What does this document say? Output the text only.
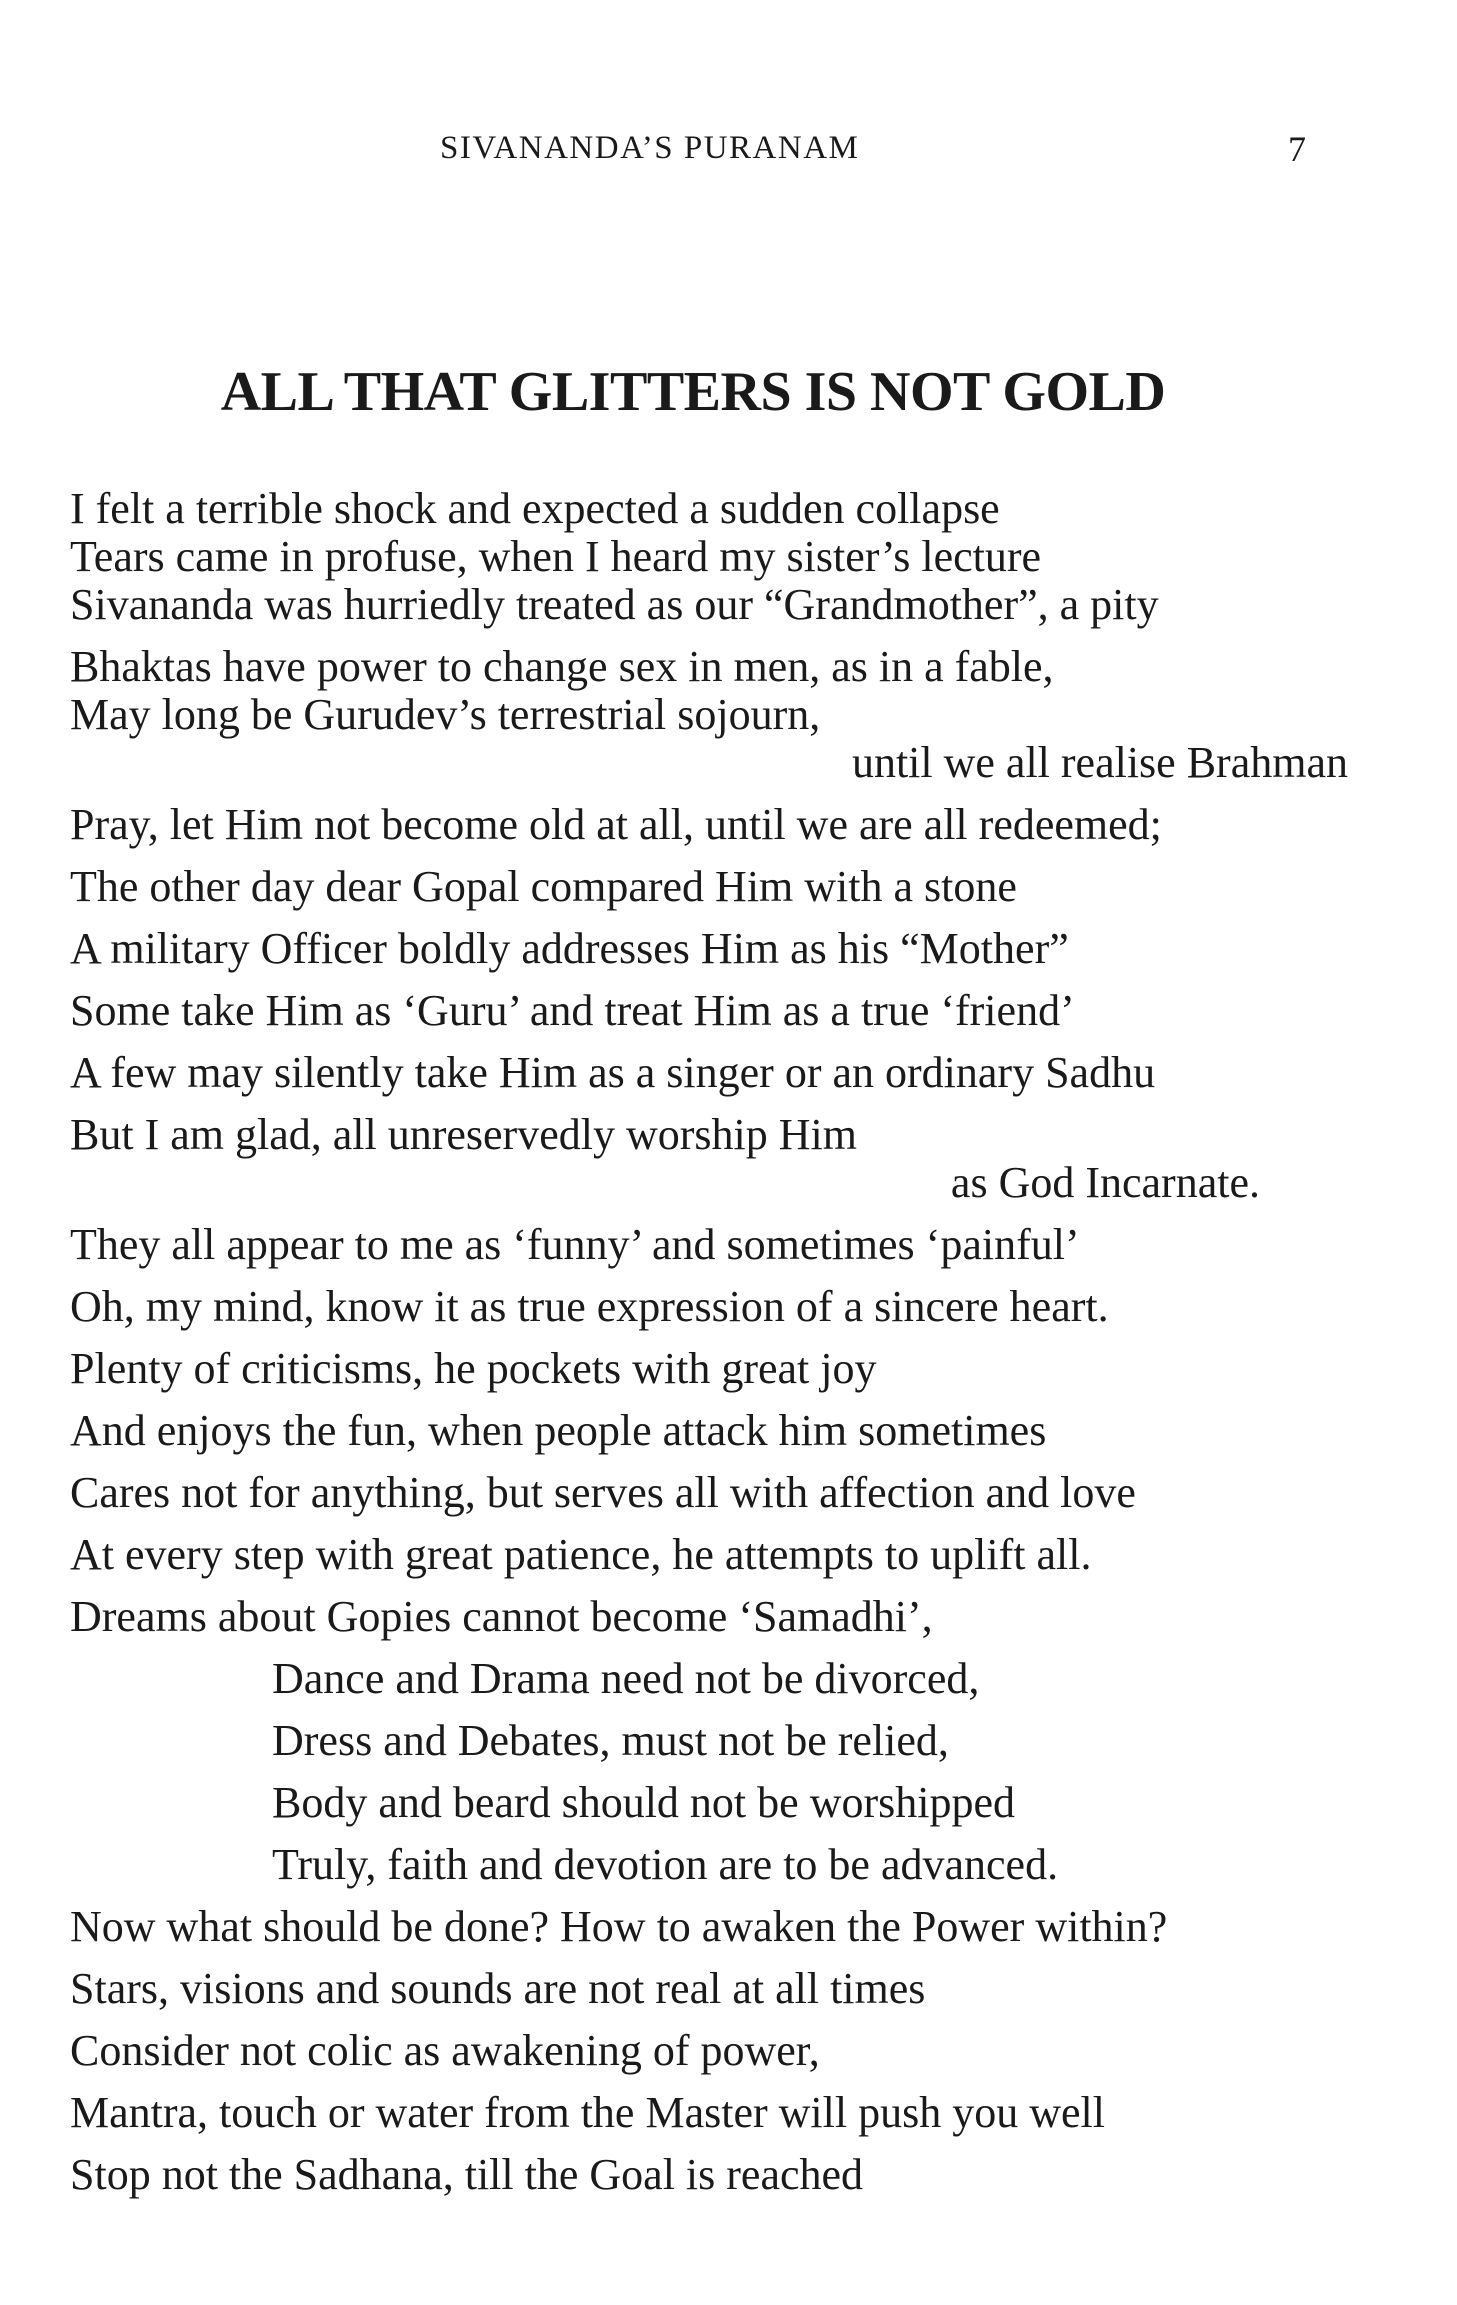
SIVANANDA’S PURANAM	7
ALL THAT GLITTERS IS NOT GOLD
I felt a terrible shock and expected a sudden collapse
Tears came in profuse, when I heard my sister’s lecture
Sivananda was hurriedly treated as our “Grandmother”, a pity
Bhaktas have power to change sex in men, as in a fable,
May long be Gurudev’s terrestrial sojourn,
until we all realise Brahman
Pray, let Him not become old at all, until we are all redeemed;
The other day dear Gopal compared Him with a stone
A military Officer boldly addresses Him as his “Mother”
Some take Him as ‘Guru’ and treat Him as a true ‘friend’
A few may silently take Him as a singer or an ordinary Sadhu
But I am glad, all unreservedly worship Him
as God Incarnate.
They all appear to me as ‘funny’ and sometimes ‘painful’
Oh, my mind, know it as true expression of a sincere heart.
Plenty of criticisms, he pockets with great joy
And enjoys the fun, when people attack him sometimes
Cares not for anything, but serves all with affection and love
At every step with great patience, he attempts to uplift all.
Dreams about Gopies cannot become ‘Samadhi’,
Dance and Drama need not be divorced,
Dress and Debates, must not be relied,
Body and beard should not be worshipped
Truly, faith and devotion are to be advanced.
Now what should be done? How to awaken the Power within?
Stars, visions and sounds are not real at all times
Consider not colic as awakening of power,
Mantra, touch or water from the Master will push you well
Stop not the Sadhana, till the Goal is reached
